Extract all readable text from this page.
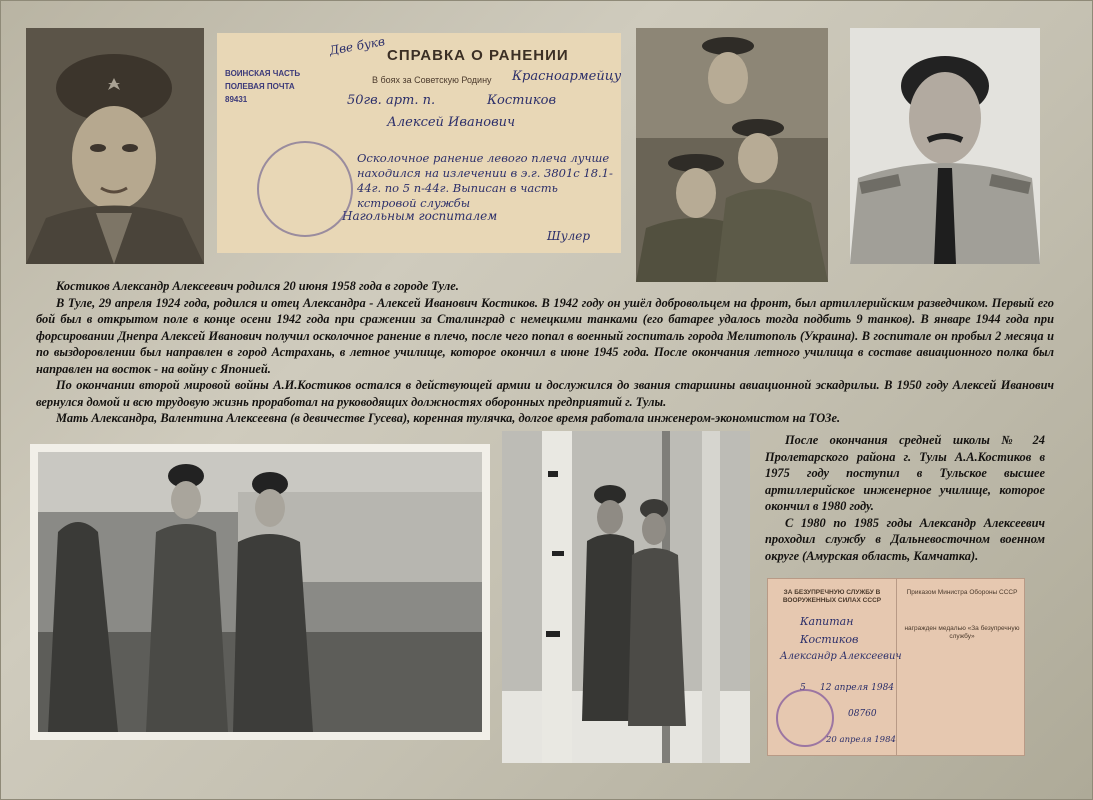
СПРАВКА О РАНЕНИИ
В боях за Советскую Родину Красноармейцу
50гв. арт. п.	Костиков
Алексей Иванович
Осколочное ранение левого плеча лучше находился на излечении в э.г. 3801с 18.1-44г. по 5 п-44г. Выписан в часть кстровой службы
Нагольным госпиталем
Шулер
ВОИНСКАЯ ЧАСТЬ ПОЛЕВАЯ ПОЧТА 89431
Две букв

Костиков Александр Алексеевич родился 20 июня 1958 года в городе Туле.

В Туле, 29 апреля 1924 года, родился и отец Александра - Алексей Иванович Костиков. В 1942 году он ушёл добровольцем на фронт, был артиллерийским разведчиком. Первый его бой был в открытом поле в конце осени 1942 года при сражении за Сталинград с немецкими танками (его батарее удалось тогда подбить 9 танков). В январе 1944 года при форсировании Днепра Алексей Иванович получил осколочное ранение в плечо, после чего попал в военный госпиталь города Мелитополь (Украина). В госпитале он пробыл 2 месяца и по выздоровлении был направлен в город Астрахань, в летное училище, которое окончил в июне 1945 года. После окончания летного училища в составе авиационного полка был направлен на восток - на войну с Японией.

По окончании второй мировой войны А.И.Костиков остался в действующей армии и дослужился до звания старшины авиационной эскадрильи. В 1950 году Алексей Иванович вернулся домой и всю трудовую жизнь проработал на руководящих должностях оборонных предприятий г. Тулы.

Мать Александра, Валентина Алексеевна (в девичестве Гусева), коренная тулячка, долгое время работала инженером-экономистом на ТОЗе.

После окончания средней школы № 24 Пролетарского района г. Тулы А.А.Костиков в 1975 году поступил в Тульское высшее артиллерийское инженерное училище, которое окончил в 1980 году.

С 1980 по 1985 годы Александр Алексеевич проходил службу в Дальневосточном военном округе (Амурская область, Камчатка).

ЗА БЕЗУПРЕЧНУЮ СЛУЖБУ В ВООРУЖЕННЫХ СИЛАХ СССР
Капитан
Костиков
Александр Алексеевич
5 12 апреля 1984
08760
20 апреля 1984
Приказом Министра Обороны СССР
награжден медалью «За безупречную службу»
